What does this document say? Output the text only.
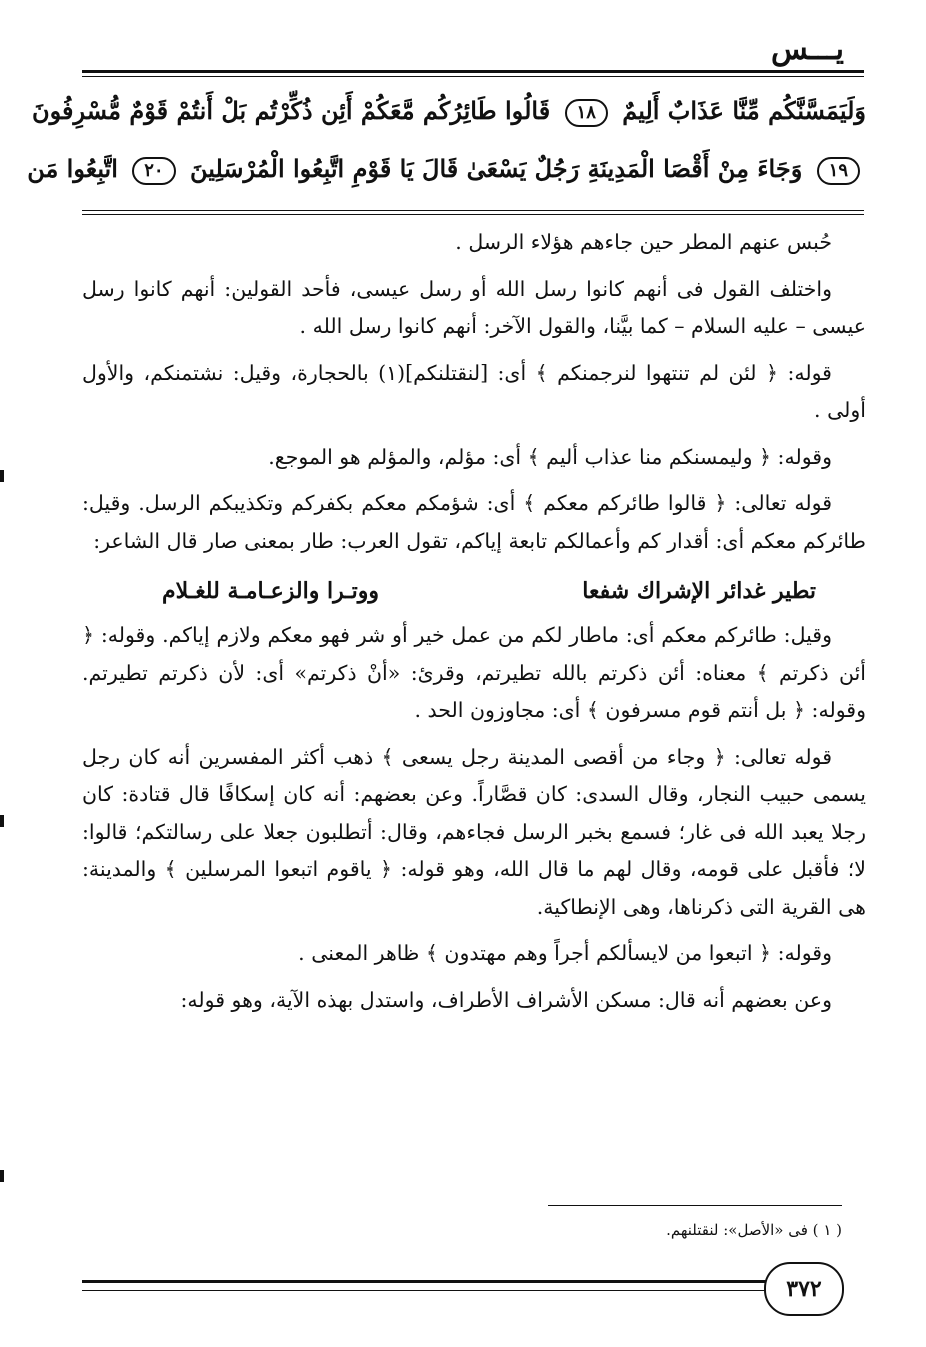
يـــس
وَلَيَمَسَّنَّكُم مِّنَّا عَذَابٌ أَلِيمٌ ١٨ قَالُوا طَائِرُكُم مَّعَكُمْ أَئِن ذُكِّرْتُم بَلْ أَنتُمْ قَوْمٌ مُّسْرِفُونَ
١٩ وَجَاءَ مِنْ أَقْصَا الْمَدِينَةِ رَجُلٌ يَسْعَىٰ قَالَ يَا قَوْمِ اتَّبِعُوا الْمُرْسَلِينَ ٢٠ اتَّبِعُوا مَن

حُبس عنهم المطر حين جاءهم هؤلاء الرسل .

واختلف القول فى أنهم كانوا رسل الله أو رسل عيسى، فأحد القولين: أنهم كانوا رسل عيسى – عليه السلام – كما بيَّنا، والقول الآخر: أنهم كانوا رسل الله .

قوله: ﴿ لئن لم تنتهوا لنرجمنكم ﴾ أى: [لنقتلنكم](١) بالحجارة، وقيل: نشتمنكم، والأول أولى .

وقوله: ﴿ وليمسنكم منا عذاب أليم ﴾ أى: مؤلم، والمؤلم هو الموجع.

قوله تعالى: ﴿ قالوا طائركم معكم ﴾ أى: شؤمكم معكم بكفركم وتكذيبكم الرسل. وقيل: طائركم معكم أى: أقدار كم وأعمالكم تابعة إياكم، تقول العرب: طار بمعنى صار قال الشاعر:

تطير غدائر الإشراك شفعا
ووتـرا والزعـامـة للغـلام

وقيل: طائركم معكم أى: ماطار لكم من عمل خير أو شر فهو معكم ولازم إياكم. وقوله: ﴿ أئن ذكرتم ﴾ معناه: أئن ذكرتم بالله تطيرتم، وقرئ: «أنْ ذكرتم» أى: لأن ذكرتم تطيرتم. وقوله: ﴿ بل أنتم قوم مسرفون ﴾ أى: مجاوزون الحد .

قوله تعالى: ﴿ وجاء من أقصى المدينة رجل يسعى ﴾ ذهب أكثر المفسرين أنه كان رجل يسمى حبيب النجار، وقال السدى: كان قصَّاراً. وعن بعضهم: أنه كان إسكافًا قال قتادة: كان رجلا يعبد الله فى غار؛ فسمع بخبر الرسل فجاءهم، وقال: أتطلبون جعلا على رسالتكم؛ قالوا: لا؛ فأقبل على قومه، وقال لهم ما قال الله، وهو قوله: ﴿ ياقوم اتبعوا المرسلين ﴾ والمدينة: هى القرية التى ذكرناها، وهى الإنطاكية.

وقوله: ﴿ اتبعوا من لايسألكم أجراً وهم مهتدون ﴾ ظاهر المعنى .

وعن بعضهم أنه قال: مسكن الأشراف الأطراف، واستدل بهذه الآية، وهو قوله:

( ١ ) فى «الأصل»: لنقتلنهم.
٣٧٢
